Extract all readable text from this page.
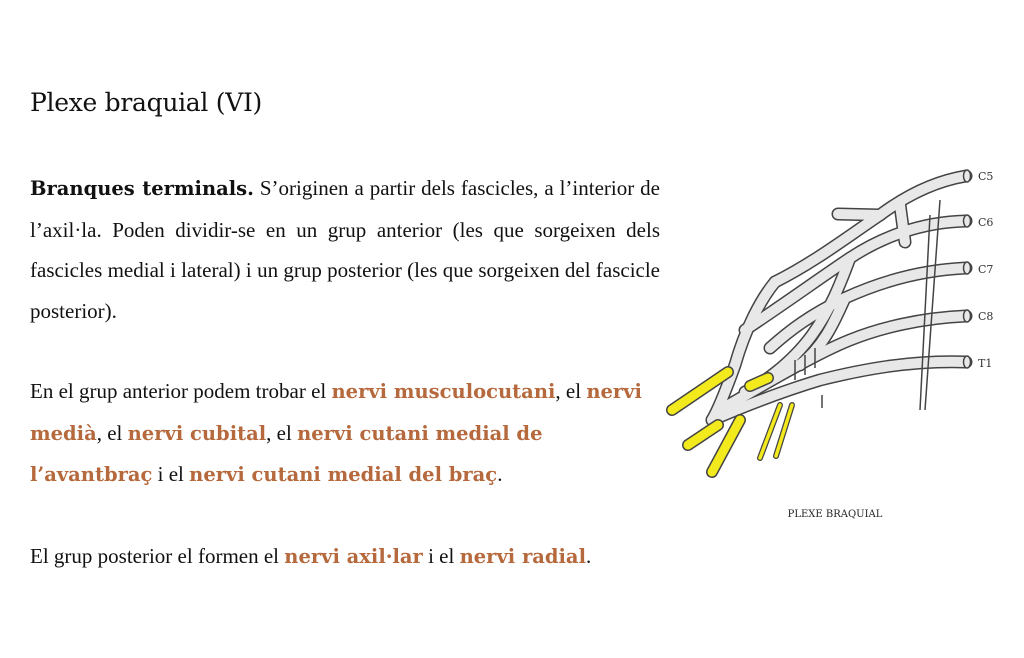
Plexe braquial (VI)

Branques terminals. S’originen a partir dels fascicles, a l’interior de l’axil·la. Poden dividir-se en un grup anterior (les que sorgeixen dels fascicles medial i lateral) i un grup posterior (les que sorgeixen del fascicle posterior).

En el grup anterior podem trobar el nervi musculocutani, el nervi medià, el nervi cubital, el nervi cutani medial de l’avantbraç i el nervi cutani medial del braç.

El grup posterior el formen el nervi axil·lar i el nervi radial.

C5
C6
C7
C8
T1
PLEXE BRAQUIAL
